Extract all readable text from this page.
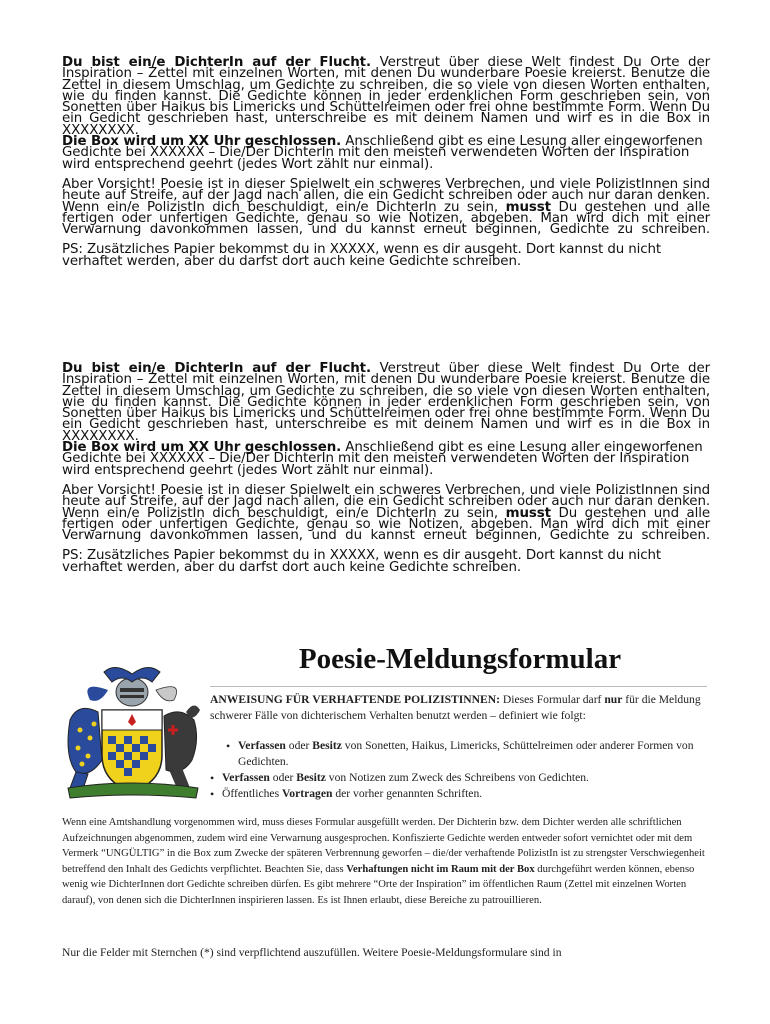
Du bist ein/e DichterIn auf der Flucht. Verstreut über diese Welt findest Du Orte der Inspiration – Zettel mit einzelnen Worten, mit denen Du wunderbare Poesie kreierst. Benutze die Zettel in diesem Umschlag, um Gedichte zu schreiben, die so viele von diesen Worten enthalten, wie du finden kannst. Die Gedichte können in jeder erdenklichen Form geschrieben sein, von Sonetten über Haikus bis Limericks und Schüttelreimen oder frei ohne bestimmte Form. Wenn Du ein Gedicht geschrieben hast, unterschreibe es mit deinem Namen und wirf es in die Box in XXXXXXXX.

Die Box wird um XX Uhr geschlossen. Anschließend gibt es eine Lesung aller eingeworfenen Gedichte bei XXXXXX – Die/Der DichterIn mit den meisten verwendeten Worten der Inspiration wird entsprechend geehrt (jedes Wort zählt nur einmal).

Aber Vorsicht! Poesie ist in dieser Spielwelt ein schweres Verbrechen, und viele PolizistInnen sind heute auf Streife, auf der Jagd nach allen, die ein Gedicht schreiben oder auch nur daran denken. Wenn ein/e PolizistIn dich beschuldigt, ein/e DichterIn zu sein, musst Du gestehen und alle fertigen oder unfertigen Gedichte, genau so wie Notizen, abgeben. Man wird dich mit einer Verwarnung davonkommen lassen, und du kannst erneut beginnen, Gedichte zu schreiben.

PS: Zusätzliches Papier bekommst du in XXXXX, wenn es dir ausgeht. Dort kannst du nicht verhaftet werden, aber du darfst dort auch keine Gedichte schreiben.

Du bist ein/e DichterIn auf der Flucht. Verstreut über diese Welt findest Du Orte der Inspiration – Zettel mit einzelnen Worten, mit denen Du wunderbare Poesie kreierst. Benutze die Zettel in diesem Umschlag, um Gedichte zu schreiben, die so viele von diesen Worten enthalten, wie du finden kannst. Die Gedichte können in jeder erdenklichen Form geschrieben sein, von Sonetten über Haikus bis Limericks und Schüttelreimen oder frei ohne bestimmte Form. Wenn Du ein Gedicht geschrieben hast, unterschreibe es mit deinem Namen und wirf es in die Box in XXXXXXXX.

Die Box wird um XX Uhr geschlossen. Anschließend gibt es eine Lesung aller eingeworfenen Gedichte bei XXXXXX – Die/Der DichterIn mit den meisten verwendeten Worten der Inspiration wird entsprechend geehrt (jedes Wort zählt nur einmal).

Aber Vorsicht! Poesie ist in dieser Spielwelt ein schweres Verbrechen, und viele PolizistInnen sind heute auf Streife, auf der Jagd nach allen, die ein Gedicht schreiben oder auch nur daran denken. Wenn ein/e PolizistIn dich beschuldigt, ein/e DichterIn zu sein, musst Du gestehen und alle fertigen oder unfertigen Gedichte, genau so wie Notizen, abgeben. Man wird dich mit einer Verwarnung davonkommen lassen, und du kannst erneut beginnen, Gedichte zu schreiben.

PS: Zusätzliches Papier bekommst du in XXXXX, wenn es dir ausgeht. Dort kannst du nicht verhaftet werden, aber du darfst dort auch keine Gedichte schreiben.

Poesie-Meldungsformular

ANWEISUNG FÜR VERHAFTENDE POLIZISTINNEN: Dieses Formular darf nur für die Meldung schwerer Fälle von dichterischem Verhalten benutzt werden – definiert wie folgt:

• Verfassen oder Besitz von Sonetten, Haikus, Limericks, Schüttelreimen oder anderer Formen von Gedichten.
• Verfassen oder Besitz von Notizen zum Zweck des Schreibens von Gedichten.
• Öffentliches Vortragen der vorher genannten Schriften.

Wenn eine Amtshandlung vorgenommen wird, muss dieses Formular ausgefüllt werden. Der Dichterin bzw. dem Dichter werden alle schriftlichen Aufzeichnungen abgenommen, zudem wird eine Verwarnung ausgesprochen. Konfiszierte Gedichte werden entweder sofort vernichtet oder mit dem Vermerk “UNGÜLTIG” in die Box zum Zwecke der späteren Verbrennung geworfen – die/der verhaftende PolizistIn ist zu strengster Verschwiegenheit betreffend den Inhalt des Gedichts verpflichtet. Beachten Sie, dass Verhaftungen nicht im Raum mit der Box durchgeführt werden können, ebenso wenig wie DichterInnen dort Gedichte schreiben dürfen. Es gibt mehrere “Orte der Inspiration” im öffentlichen Raum (Zettel mit einzelnen Worten darauf), von denen sich die DichterInnen inspirieren lassen. Es ist Ihnen erlaubt, diese Bereiche zu patrouillieren.

Nur die Felder mit Sternchen (*) sind verpflichtend auszufüllen. Weitere Poesie-Meldungsformulare sind in
